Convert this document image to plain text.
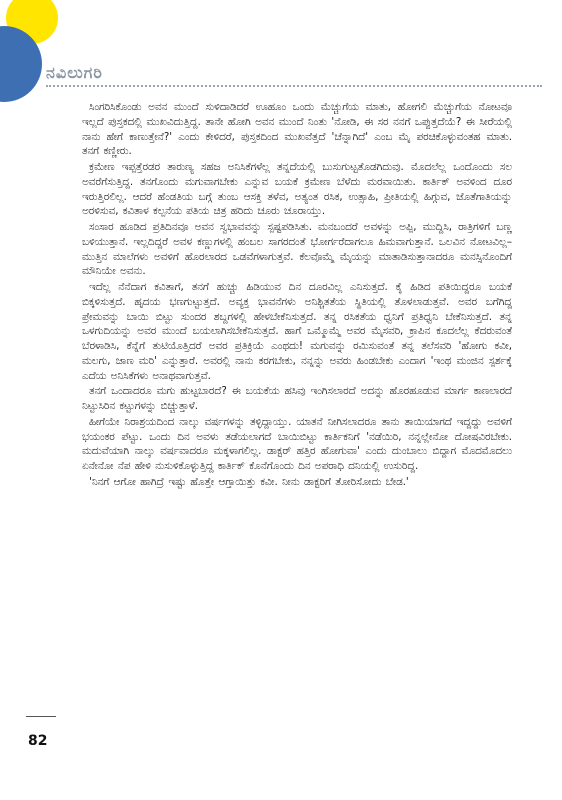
ನವಿಲುಗರಿ

ಸಿಂಗರಿಸಿಕೊಂಡು ಅವನ ಮುಂದೆ ಸುಳಿದಾಡಿದರೆ ಊಹೂಂ ಒಂದು ಮೆಚ್ಚುಗೆಯ ಮಾತು, ಹೋಗಲಿ ಮೆಚ್ಚುಗೆಯ ನೋಟವೂ ಇಲ್ಲದೆ ಪುಸ್ತಕದಲ್ಲಿ ಮುಖವಿದುತ್ತಿದ್ದ. ತಾನೇ ಹೋಗಿ ಅವನ ಮುಂದೆ ನಿಂತು 'ನೋಡಿ, ಈ ಸರ ನನಗೆ ಒಪ್ಪುತ್ತದೆಯೆ? ಈ ಸೀರೆಯಲ್ಲಿ ನಾನು ಹೇಗೆ ಕಾಣುತ್ತೇನೆ?' ಎಂದು ಕೇಳಿದರೆ, ಪುಸ್ತಕದಿಂದ ಮುಖವೆತ್ತದೆ 'ಚೆನ್ನಾಗಿದೆ' ಎಂಬ ಮೈ ಪರಚಿಕೊಳ್ಳುವಂತಹ ಮಾತು. ತನಗೆ ಕಣ್ಣೀರು.

ಕ್ರಮೇಣ ಇಪ್ಪತ್ತೆರಡರ ತಾರುಣ್ಯ ಸಹಜ ಅನಿಸಿಕೆಗಳೆಲ್ಲ ತನ್ನದೆಯಲ್ಲಿ ಬುಸುಗುಟ್ಟತೊಡಗಿದುವು. ಮೊದಲೆಲ್ಲ ಒಂದೊಂದು ಸಲ ಅವರೆಗೆಸುತ್ತಿದ್ದ. ತನಗೊಂದು ಮಗುವಾಗಬೇಕು ಎನ್ನುವ ಬಯಕೆ ಕ್ರಮೇಣ ಬೆಳೆದು ಮರವಾಯಿತು. ಕಾರ್ತಿಕ್ ಅವಳಿಂದ ದೂರ ಇರುತ್ತಿರಲಿಲ್ಲ. ಆದರೆ ಹೆಂಡತಿಯ ಬಗ್ಗೆ ತುಂಬ ಆಸಕ್ತಿ ತಳೆವ, ಅತ್ಯಂತ ರಸಿಕ, ಉತ್ಸಾಹಿ, ಪ್ರೀತಿಯಲ್ಲಿ ಹಿಗ್ಗುವ, ಜೊತೆಗಾತಿಯನ್ನು ಅರಳಿಸುವ, ಕವಿತಾಳ ಕಲ್ಪನೆಯ ಪತಿಯ ಚಿತ್ರ ಹರಿದು ಚೂರು ಚೂರಾಯ್ತು.

ಸಂಸಾರ ಹೂಡಿದ ಪ್ರತಿದಿನವೂ ಅವನ ಸ್ವಭಾವವನ್ನು ಸ್ಪಷ್ಟಪಡಿಸಿತು. ಮನಬಂದರೆ ಅವಳನ್ನು ಅಪ್ಪಿ, ಮುದ್ದಿಸಿ, ರಾತ್ರಿಗಳಿಗೆ ಬಣ್ಣ ಬಳಿಯುತ್ತಾನೆ. ಇಲ್ಲದಿದ್ದರೆ ಅವಳ ಕಣ್ಣುಗಳಲ್ಲಿ ಹಂಬಲ ಸಾಗರದಂತೆ ಭೋರ್ಗರೆದಾಗಲೂ ಹಿಮವಾಗುತ್ತಾನೆ. ಒಲವಿನ ನೋಟವಿಲ್ಲ– ಮುತ್ತಿನ ಮಾಲೆಗಳು ಅವಳಿಗೆ ಹೊರಲಾರದ ಒಡವೆಗಳಾಗುತ್ತವೆ. ಕೆಲವೊಮ್ಮೆ ಮೈಯನ್ನು ಮಾತಾಡಿಸುತ್ತಾನಾದರೂ ಮನಸ್ಸಿನೊಂದಿಗೆ ಮೌನಿಯೇ ಅವನು.

ಇದೆಲ್ಲ ನೆನೆದಾಗ ಕವಿತಾಗೆ, ತನಗೆ ಹುಚ್ಚು ಹಿಡಿಯುವ ದಿನ ದೂರವಿಲ್ಲ ಎನಿಸುತ್ತದೆ. ಕೈ ಹಿಡಿದ ಪತಿಯಿದ್ದರೂ ಬಯಕೆ ಬಿಕ್ಕಳಿಸುತ್ತದೆ. ಹೃದಯ ಭಣಗುಟ್ಟುತ್ತದೆ. ಅವ್ಯಕ್ತ ಭಾವನೆಗಳು ಅನಿಶ್ಚಿತತೆಯ ಸ್ಥಿತಿಯಲ್ಲಿ ತೊಳಲಾಡುತ್ತವೆ. ಅವರ ಬಗೆಗಿದ್ದ ಪ್ರೇಮವನ್ನು ಬಾಯಿ ಬಿಟ್ಟು ಸುಂದರ ಶಬ್ದಗಳಲ್ಲಿ ಹೇಳಬೇಕೆನಿಸುತ್ತದೆ. ತನ್ನ ರಸಿಕತೆಯ ಧ್ವನಿಗೆ ಪ್ರತಿಧ್ವನಿ ಬೇಕೆನಿಸುತ್ತದೆ. ತನ್ನ ಒಳಗುದಿಯನ್ನು ಅವರ ಮುಂದೆ ಬಯಲಾಗಿಸಬೇಕೆನಿಸುತ್ತದೆ. ಹಾಗೆ ಒಮ್ಮೊಮ್ಮೆ ಅವರ ಮೈಸವರಿ, ಕ್ರಾಪಿನ ಕೂದಲೆಲ್ಲ ಕೆದರುವಂತೆ ಬೆರಳಾಡಿಸಿ, ಕೆನ್ನೆಗೆ ತುಟಿಯೊತ್ತಿದರೆ ಅವರ ಪ್ರತಿಕ್ರಿಯೆ ಎಂಥದು! ಮಗುವನ್ನು ರಮಿಸುವಂತೆ ತನ್ನ ತಲೆಸವರಿ 'ಹೋಗು ಕವೀ, ಮಲಗು, ಜಾಣ ಮರಿ' ಎನ್ನುತ್ತಾರೆ. ಅವರಲ್ಲಿ ನಾನು ಕರಗಬೇಕು, ನನ್ನನ್ನು ಅವರು ಹಿಂಡಬೇಕು ಎಂದಾಗ 'ಇಂಥ ಮಂಜಿನ ಸ್ಪರ್ಶಕ್ಕೆ ಎದೆಯ ಅನಿಸಿಕೆಗಳು ಅನಾಥವಾಗುತ್ತವೆ.

ತನಗೆ ಒಂದಾದರೂ ಮಗು ಹುಟ್ಟಬಾರದೆ? ಈ ಬಯಕೆಯ ಹಸಿವು ಇಂಗಿಸಲಾರದೆ ಅದನ್ನು ಹೊರಹೂಡುವ ಮಾರ್ಗ ಕಾಣಲಾರದೆ ನಿಟ್ಟುಸಿರಿನ ಕಟ್ಟುಗಳನ್ನು ಬಿಚ್ಚುತ್ತಾಳೆ.

ಹೀಗೆಯೇ ನಿರಾಶ್ರಯದಿಂದ ನಾಲ್ಕು ವರ್ಷಗಳನ್ನು ತಳ್ಳಿದ್ದಾಯ್ತು. ಯಾತನೆ ನೀಗಿಸಲಾದರೂ ತಾನು ತಾಯಿಯಾಗದೆ ಇದ್ದದ್ದು ಅವಳಿಗೆ ಭಯಂಕರ ಪೆಟ್ಟು. ಒಂದು ದಿನ ಅವಳು ತಡೆಯಲಾಗದೆ ಬಾಯಿಬಿಟ್ಟು ಕಾರ್ತಿಕನಿಗೆ 'ನಡೆಯಿರಿ, ನನ್ನಲ್ಲೇನೋ ದೋಷವಿರಬೇಕು. ಮದುವೆಯಾಗಿ ನಾಲ್ಕು ವರ್ಷವಾದರೂ ಮಕ್ಕಳಾಗಲಿಲ್ಲ. ಡಾಕ್ಟರ್ ಹತ್ತಿರ ಹೋಗುವಾ' ಎಂದು ದುಂಬಾಲು ಬಿದ್ದಾಗ ಮೊದಮೊದಲು ಏನೇನೋ ನೆಪ ಹೇಳಿ ನುಸುಳಿಕೊಳ್ಳುತ್ತಿದ್ದ ಕಾರ್ತಿಕ್ ಕೊನೆಗೊಂದು ದಿನ ಅಪರಾಧಿ ದನಿಯಲ್ಲಿ ಉಸುರಿದ್ದ.

'ನಿನಗೆ ಆಗೋ ಹಾಗಿದ್ರೆ ಇಷ್ಟು ಹೊತ್ತೇ ಆಗ್ತಾಯಿತ್ತು ಕವೀ. ನೀನು ಡಾಕ್ಟರಿಗೆ ತೋರಿಸೋದು ಬೇಡ.'

82
